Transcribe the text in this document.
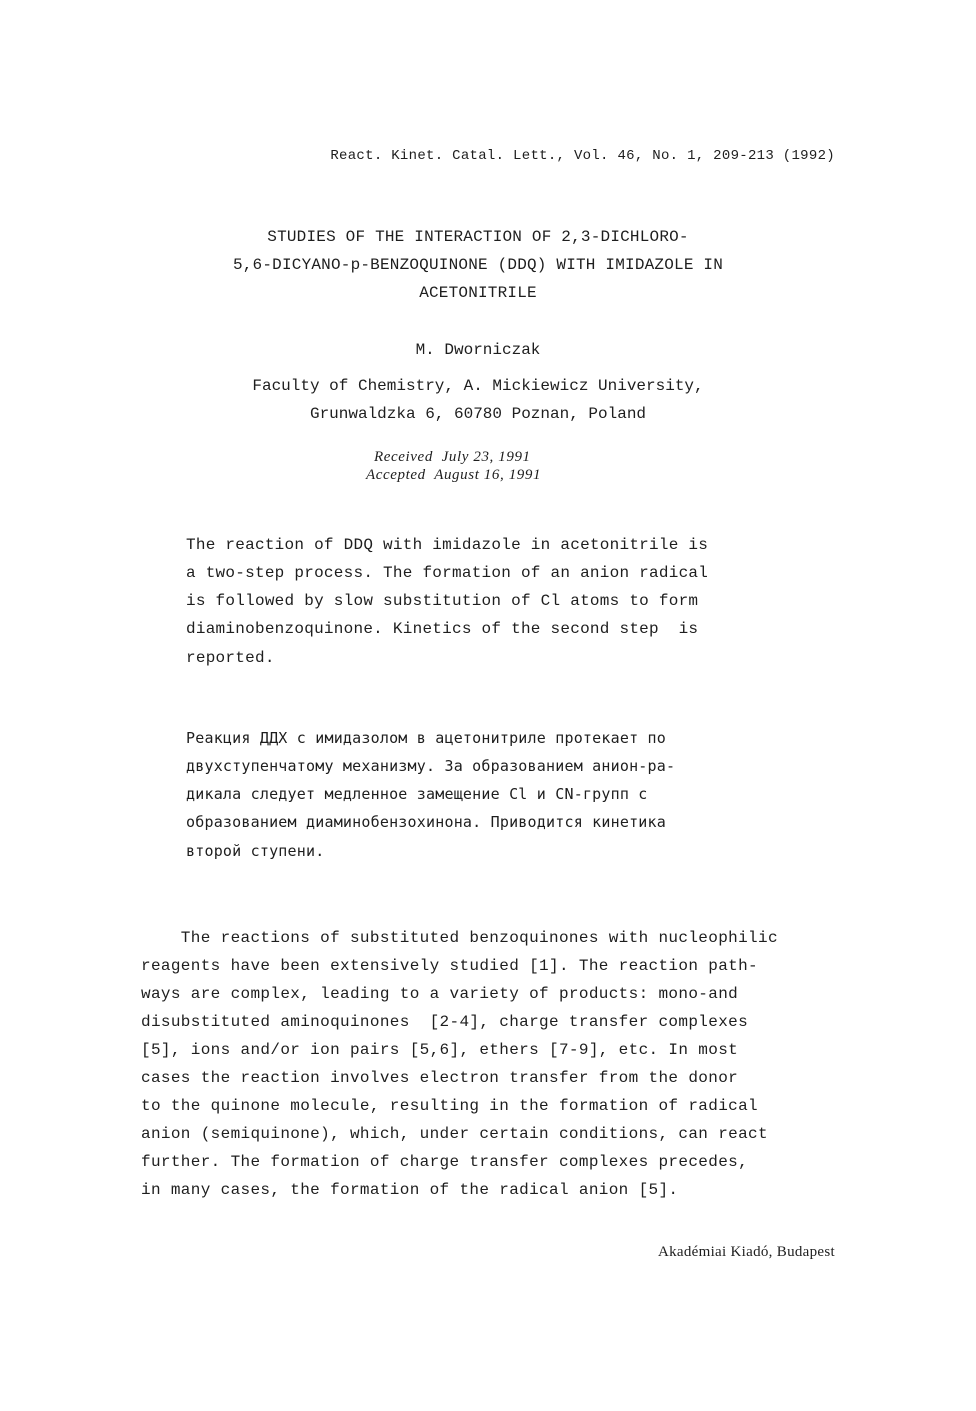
React. Kinet. Catal. Lett., Vol. 46, No. 1, 209-213 (1992)
STUDIES OF THE INTERACTION OF 2,3-DICHLORO-
5,6-DICYANO-p-BENZOQUINONE (DDQ) WITH IMIDAZOLE IN
ACETONITRILE
M. Dworniczak
Faculty of Chemistry, A. Mickiewicz University,
Grunwaldzka 6, 60780 Poznan, Poland
Received  July 23, 1991
Accepted  August 16, 1991
The reaction of DDQ with imidazole in acetonitrile is
a two-step process. The formation of an anion radical
is followed by slow substitution of Cl atoms to form
diaminobenzoquinone. Kinetics of the second step  is
reported.
Реакция ДДХ с имидазолом в ацетонитриле протекает по
двухступенчатому механизму. За образованием анион-ра-
дикала следует медленное замещение Cl и CN-групп с
образованием диаминобензохинона. Приводится кинетика
второй ступени.
The reactions of substituted benzoquinones with nucleophilic
reagents have been extensively studied [1]. The reaction path-
ways are complex, leading to a variety of products: mono-and
disubstituted aminoquinones  [2-4], charge transfer complexes
[5], ions and/or ion pairs [5,6], ethers [7-9], etc. In most
cases the reaction involves electron transfer from the donor
to the quinone molecule, resulting in the formation of radical
anion (semiquinone), which, under certain conditions, can react
further. The formation of charge transfer complexes precedes,
in many cases, the formation of the radical anion [5].
Akadémiai Kiadó, Budapest
